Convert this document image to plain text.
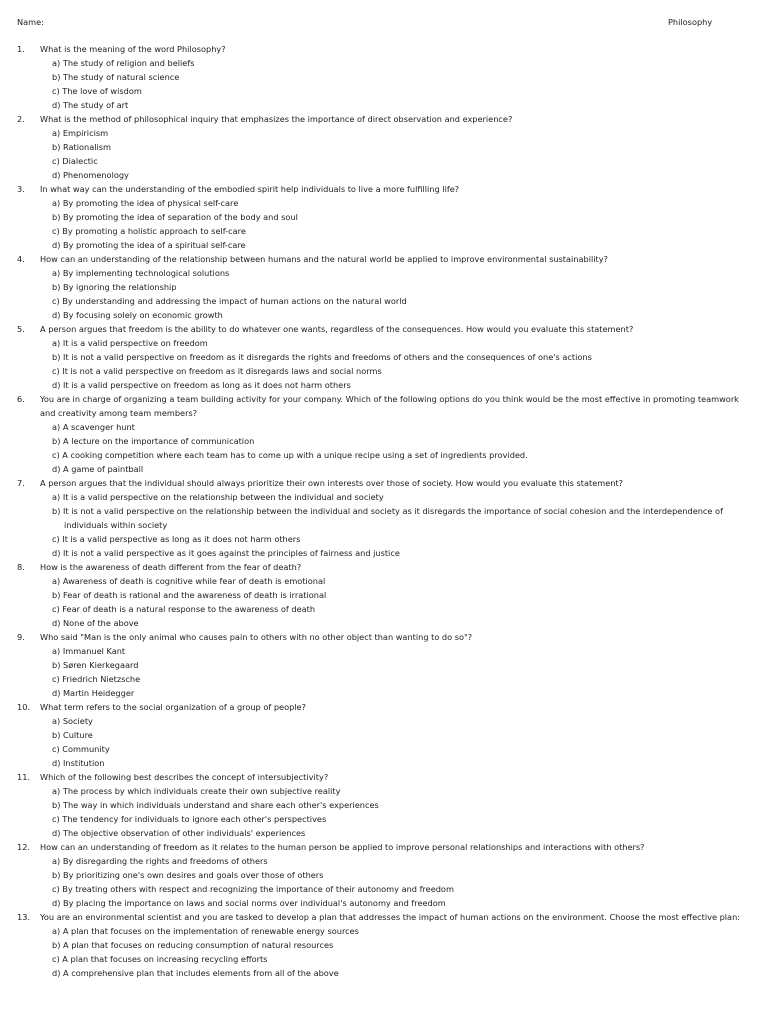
Name:	Philosophy
1. What is the meaning of the word Philosophy?
a) The study of religion and beliefs
b) The study of natural science
c) The love of wisdom
d) The study of art
2. What is the method of philosophical inquiry that emphasizes the importance of direct observation and experience?
a) Empiricism
b) Rationalism
c) Dialectic
d) Phenomenology
3. In what way can the understanding of the embodied spirit help individuals to live a more fulfilling life?
a) By promoting the idea of physical self-care
b) By promoting the idea of separation of the body and soul
c) By promoting a holistic approach to self-care
d) By promoting the idea of a spiritual self-care
4. How can an understanding of the relationship between humans and the natural world be applied to improve environmental sustainability?
a) By implementing technological solutions
b) By ignoring the relationship
c) By understanding and addressing the impact of human actions on the natural world
d) By focusing solely on economic growth
5. A person argues that freedom is the ability to do whatever one wants, regardless of the consequences. How would you evaluate this statement?
a) It is a valid perspective on freedom
b) It is not a valid perspective on freedom as it disregards the rights and freedoms of others and the consequences of one's actions
c) It is not a valid perspective on freedom as it disregards laws and social norms
d) It is a valid perspective on freedom as long as it does not harm others
6. You are in charge of organizing a team building activity for your company. Which of the following options do you think would be the most effective in promoting teamwork and creativity among team members?
a) A scavenger hunt
b) A lecture on the importance of communication
c) A cooking competition where each team has to come up with a unique recipe using a set of ingredients provided.
d) A game of paintball
7. A person argues that the individual should always prioritize their own interests over those of society. How would you evaluate this statement?
a) It is a valid perspective on the relationship between the individual and society
b) It is not a valid perspective on the relationship between the individual and society as it disregards the importance of social cohesion and the interdependence of individuals within society
c) It is a valid perspective as long as it does not harm others
d) It is not a valid perspective as it goes against the principles of fairness and justice
8. How is the awareness of death different from the fear of death?
a) Awareness of death is cognitive while fear of death is emotional
b) Fear of death is rational and the awareness of death is irrational
c) Fear of death is a natural response to the awareness of death
d) None of the above
9. Who said "Man is the only animal who causes pain to others with no other object than wanting to do so"?
a) Immanuel Kant
b) Søren Kierkegaard
c) Friedrich Nietzsche
d) Martin Heidegger
10. What term refers to the social organization of a group of people?
a) Society
b) Culture
c) Community
d) Institution
11. Which of the following best describes the concept of intersubjectivity?
a) The process by which individuals create their own subjective reality
b) The way in which individuals understand and share each other's experiences
c) The tendency for individuals to ignore each other's perspectives
d) The objective observation of other individuals' experiences
12. How can an understanding of freedom as it relates to the human person be applied to improve personal relationships and interactions with others?
a) By disregarding the rights and freedoms of others
b) By prioritizing one's own desires and goals over those of others
c) By treating others with respect and recognizing the importance of their autonomy and freedom
d) By placing the importance on laws and social norms over individual's autonomy and freedom
13. You are an environmental scientist and you are tasked to develop a plan that addresses the impact of human actions on the environment. Choose the most effective plan:
a) A plan that focuses on the implementation of renewable energy sources
b) A plan that focuses on reducing consumption of natural resources
c) A plan that focuses on increasing recycling efforts
d) A comprehensive plan that includes elements from all of the above
